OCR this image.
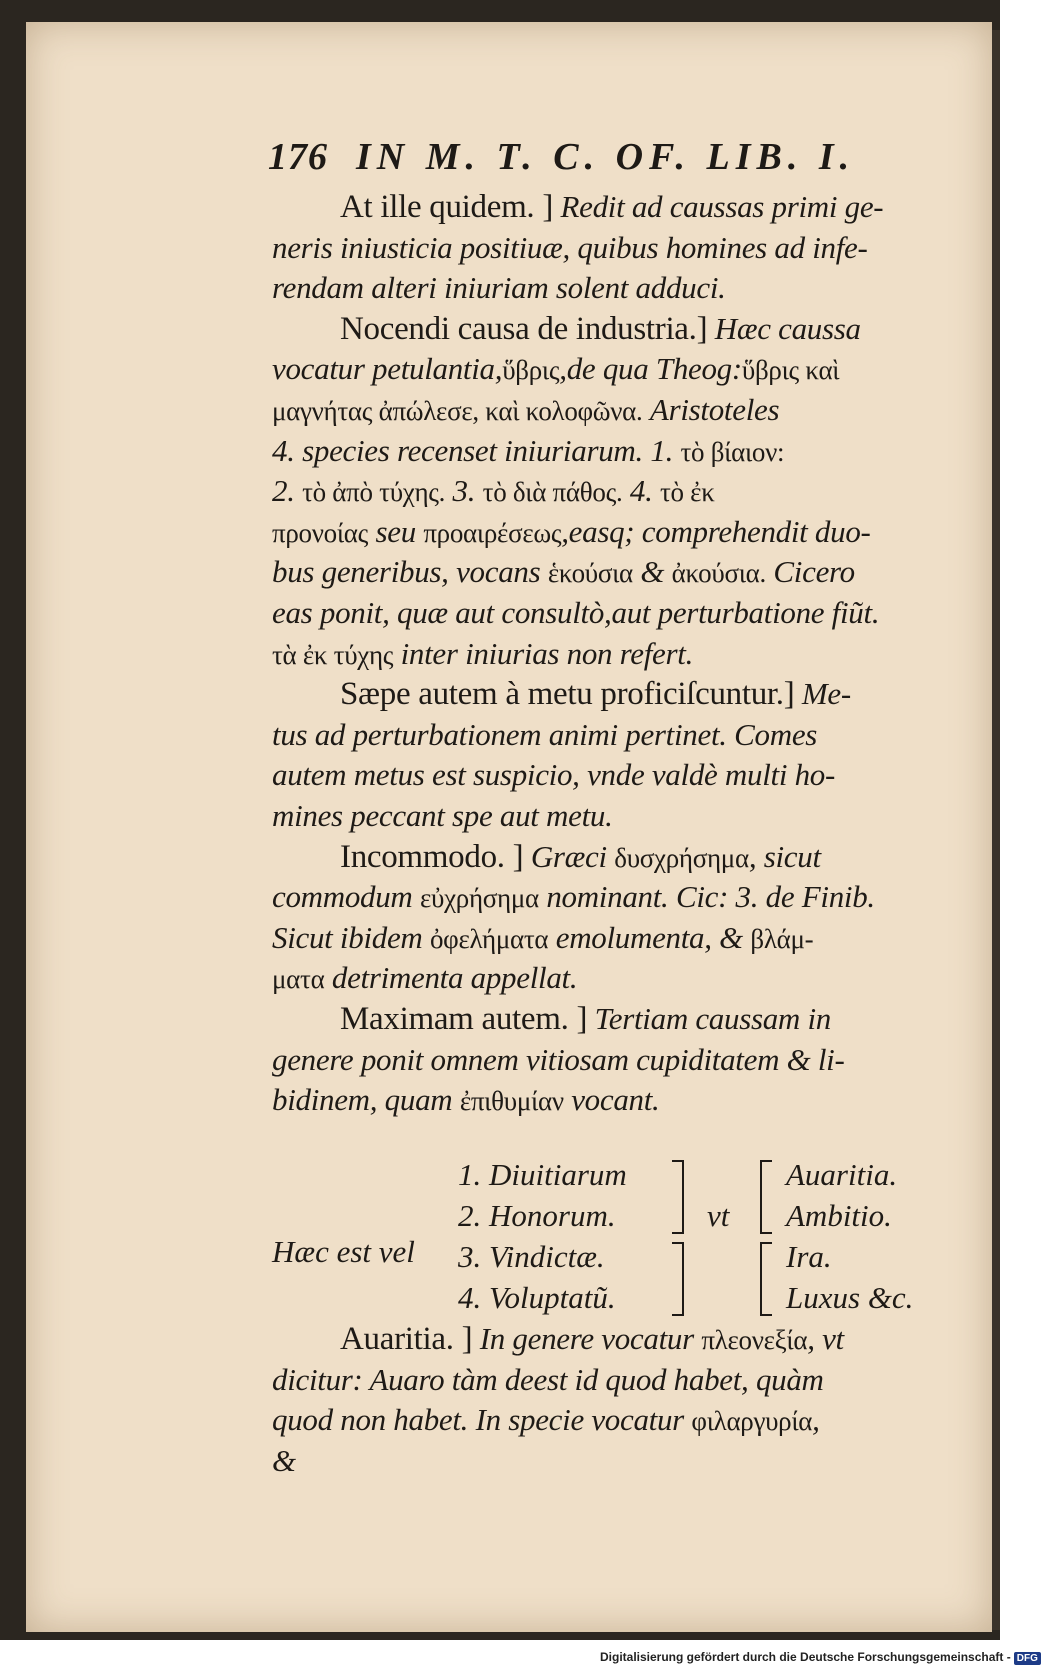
176 IN M. T. C. OF. LIB. I.
At ille quidem. ] Redit ad caussas primi ge-
neris iniusticia positiuæ, quibus homines ad infe-
rendam alteri iniuriam solent adduci.
Nocendi causa de industria.] Hæc caussa
vocatur petulantia,ὕβρις,de qua Theog:ὕβρις καὶ
μαγνήτας ἀπώλεσε, καὶ κολοφῶνα. Aristoteles
4. species recenset iniuriarum. 1. τὸ βίαιον:
2. τὸ ἀπὸ τύχης. 3. τὸ διὰ πάθος. 4. τὸ ἐκ
προνοίας seu προαιρέσεως,easq; comprehendit duo-
bus generibus, vocans ἑκούσια & ἀκούσια. Cicero
eas ponit, quæ aut consultò,aut perturbatione fiũt.
τὰ ἐκ τύχης inter iniurias non refert.
Sæpe autem à metu proficiſcuntur.] Me-
tus ad perturbationem animi pertinet. Comes
autem metus est suspicio, vnde valdè multi ho-
mines peccant spe aut metu.
Incommodo. ] Græci δυσχρήσημα, sicut
commodum εὐχρήσημα nominant. Cic: 3. de Finib.
Sicut ibidem ὀφελήματα emolumenta, & βλάμ-
ματα detrimenta appellat.
Maximam autem. ] Tertiam caussam in
genere ponit omnem vitiosam cupiditatem & li-
bidinem, quam ἐπιθυμίαν vocant.
Hæc est vel
1. Diuitiarum
2. Honorum.
3. Vindictæ.
4. Voluptatũ.
vt
Auaritia.
Ambitio.
Ira.
Luxus &c.
Auaritia. ] In genere vocatur πλεονεξία, vt
dicitur: Auaro tàm deest id quod habet, quàm
quod non habet. In specie vocatur φιλαργυρία,
&
Digitalisierung gefördert durch die Deutsche Forschungsgemeinschaft - DFG
